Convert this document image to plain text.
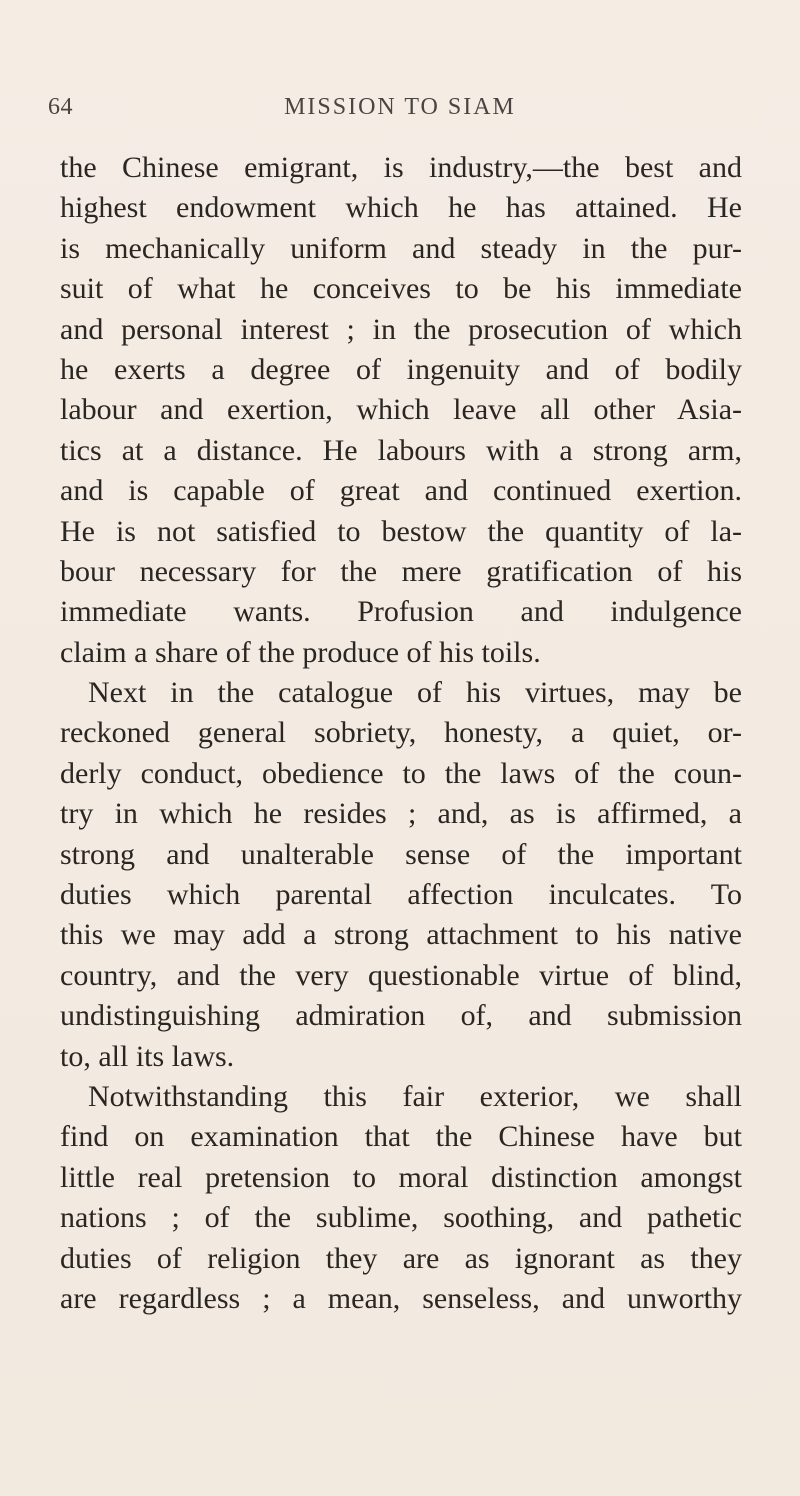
64	MISSION TO SIAM
the Chinese emigrant, is industry,—the best and
highest endowment which he has attained. He
is mechanically uniform and steady in the pur-
suit of what he conceives to be his immediate
and personal interest ; in the prosecution of which
he exerts a degree of ingenuity and of bodily
labour and exertion, which leave all other Asia-
tics at a distance. He labours with a strong arm,
and is capable of great and continued exertion.
He is not satisfied to bestow the quantity of la-
bour necessary for the mere gratification of his
immediate wants. Profusion and indulgence
claim a share of the produce of his toils.
Next in the catalogue of his virtues, may be
reckoned general sobriety, honesty, a quiet, or-
derly conduct, obedience to the laws of the coun-
try in which he resides ; and, as is affirmed, a
strong and unalterable sense of the important
duties which parental affection inculcates. To
this we may add a strong attachment to his native
country, and the very questionable virtue of blind,
undistinguishing admiration of, and submission
to, all its laws.
Notwithstanding this fair exterior, we shall
find on examination that the Chinese have but
little real pretension to moral distinction amongst
nations ; of the sublime, soothing, and pathetic
duties of religion they are as ignorant as they
are regardless ; a mean, senseless, and unworthy
